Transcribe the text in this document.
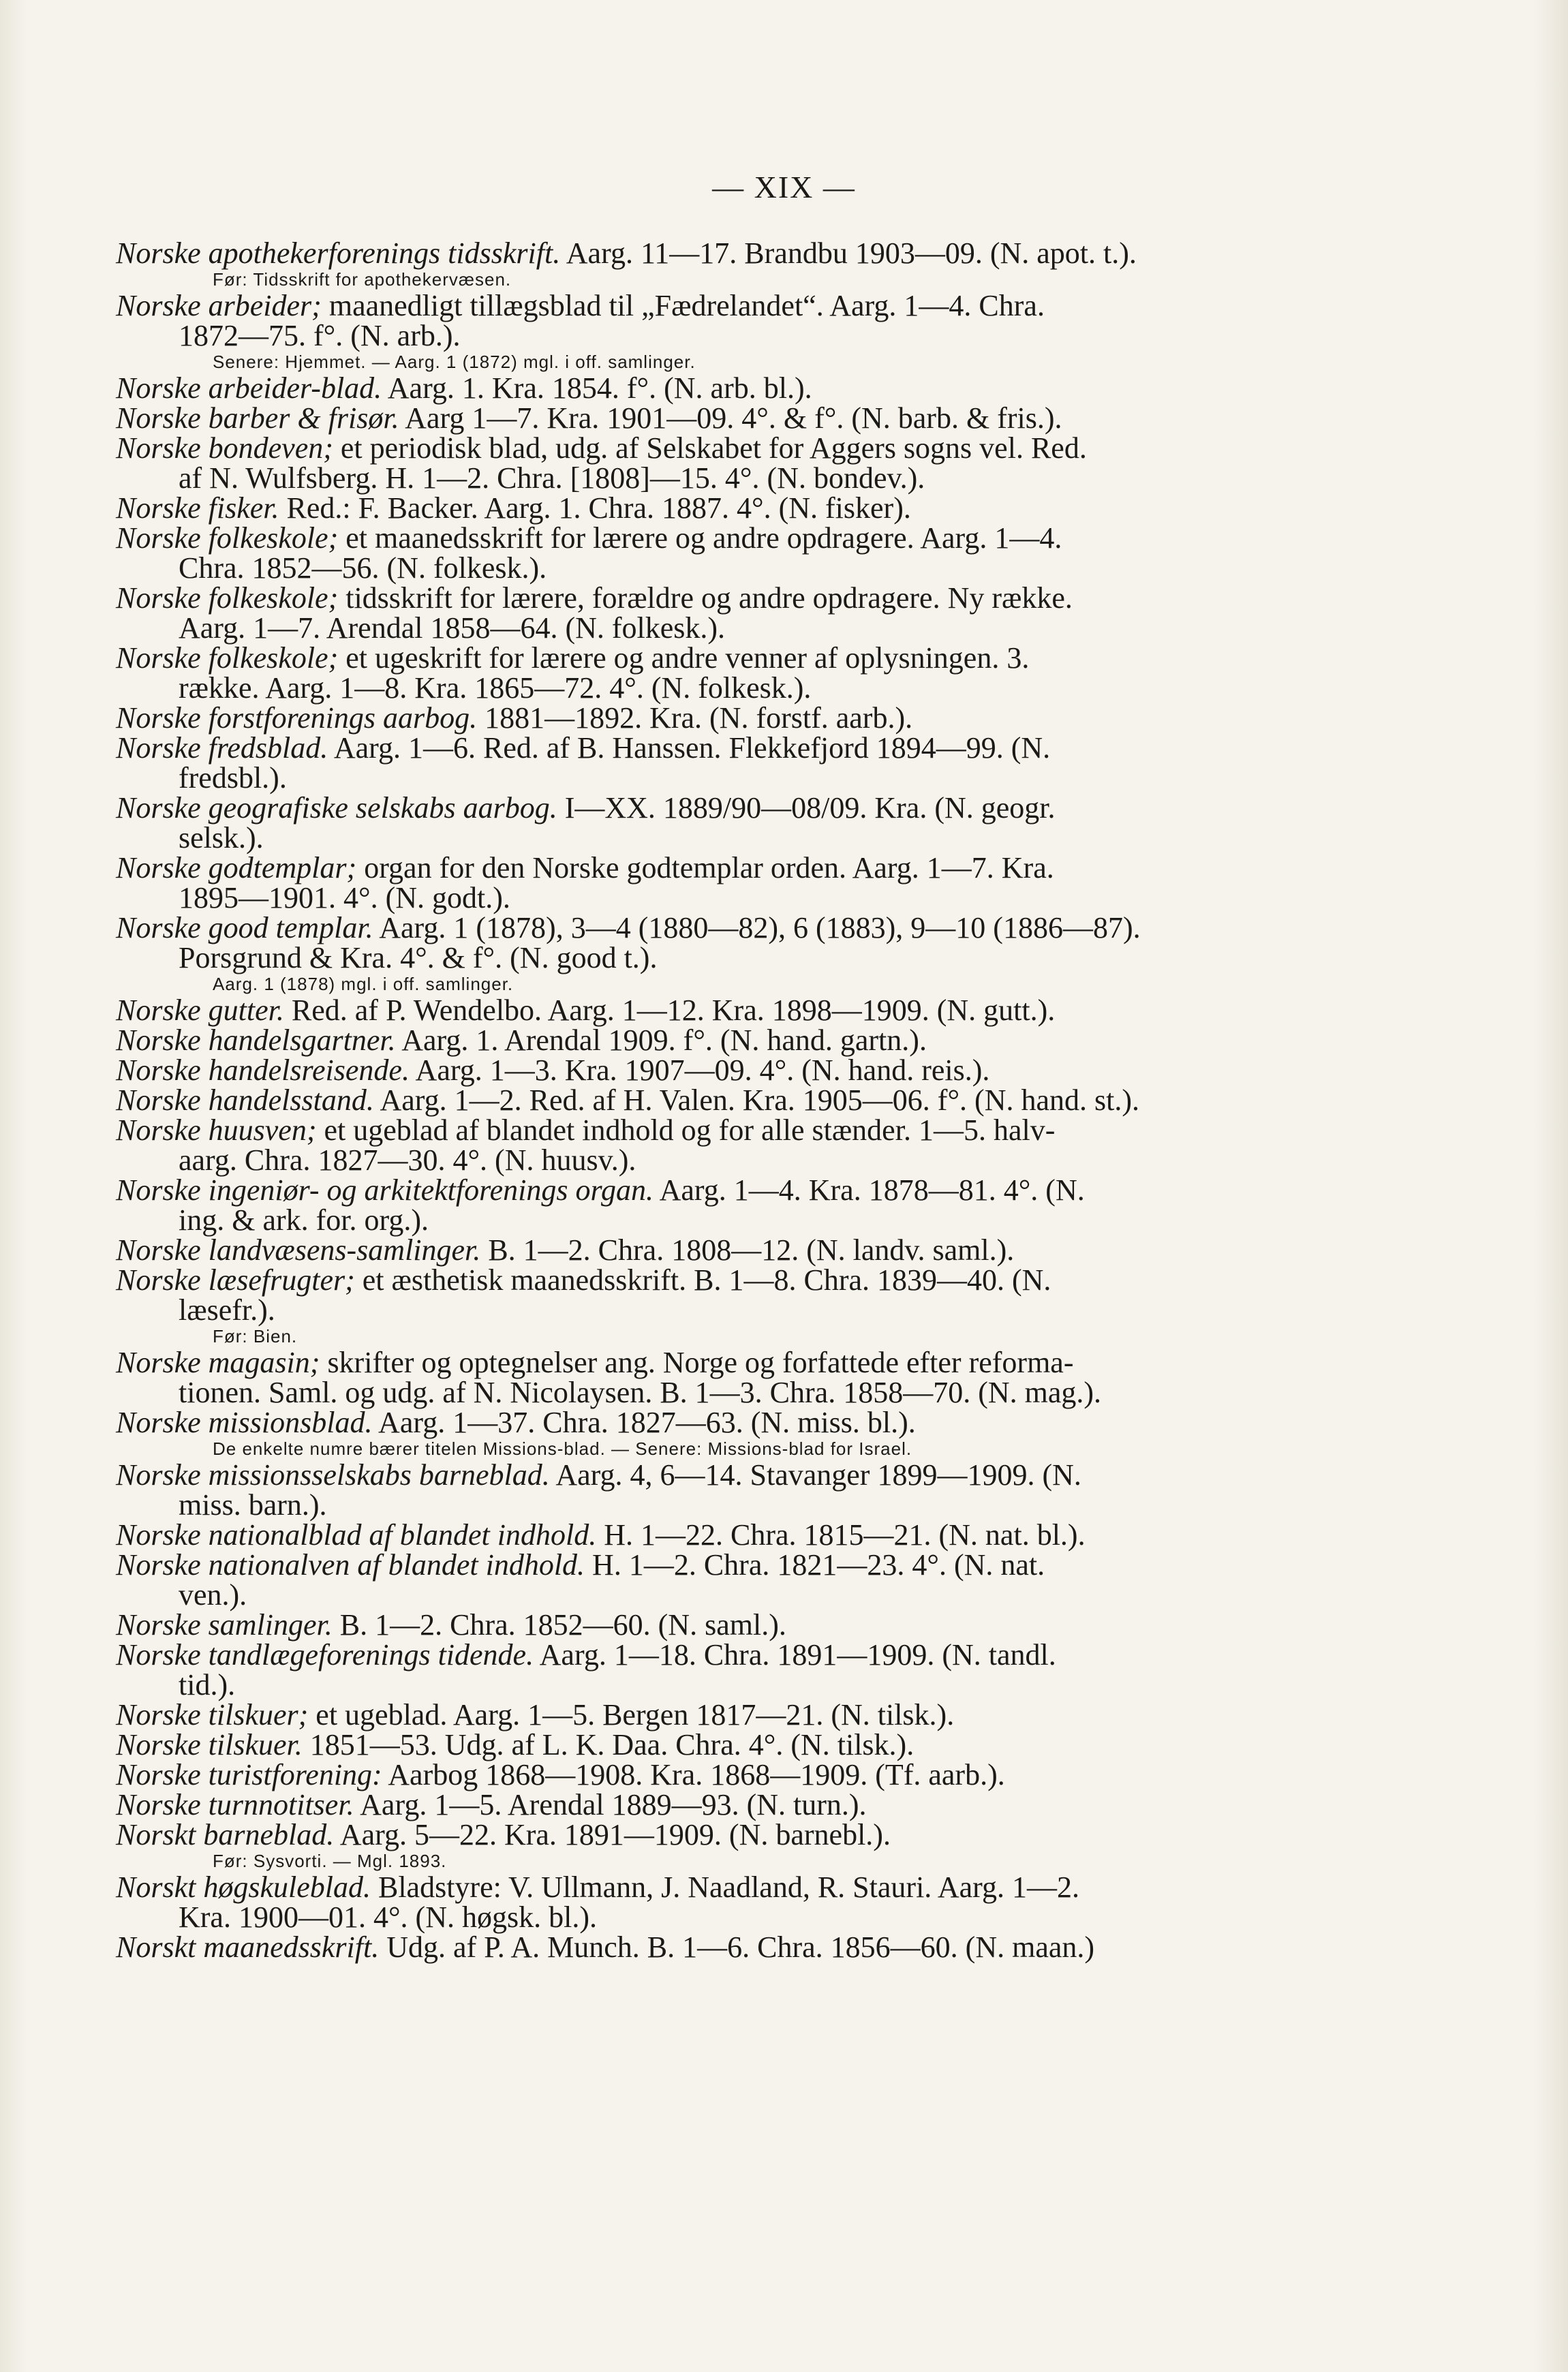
— XIX —
Norske apothekerforenings tidsskrift. Aarg. 11—17. Brandbu 1903—09. (N. apot. t.).
Før: Tidsskrift for apothekervæsen.
Norske arbeider; maanedligt tillægsblad til „Fædrelandet“. Aarg. 1—4. Chra.
1872—75. f°. (N. arb.).
Senere: Hjemmet. — Aarg. 1 (1872) mgl. i off. samlinger.
Norske arbeider-blad. Aarg. 1. Kra. 1854. f°. (N. arb. bl.).
Norske barber & frisør. Aarg 1—7. Kra. 1901—09. 4°. & f°. (N. barb. & fris.).
Norske bondeven; et periodisk blad, udg. af Selskabet for Aggers sogns vel. Red.
af N. Wulfsberg. H. 1—2. Chra. [1808]—15. 4°. (N. bondev.).
Norske fisker. Red.: F. Backer. Aarg. 1. Chra. 1887. 4°. (N. fisker).
Norske folkeskole; et maanedsskrift for lærere og andre opdragere. Aarg. 1—4.
Chra. 1852—56. (N. folkesk.).
Norske folkeskole; tidsskrift for lærere, forældre og andre opdragere. Ny række.
Aarg. 1—7. Arendal 1858—64. (N. folkesk.).
Norske folkeskole; et ugeskrift for lærere og andre venner af oplysningen. 3.
række. Aarg. 1—8. Kra. 1865—72. 4°. (N. folkesk.).
Norske forstforenings aarbog. 1881—1892. Kra. (N. forstf. aarb.).
Norske fredsblad. Aarg. 1—6. Red. af B. Hanssen. Flekkefjord 1894—99. (N.
fredsbl.).
Norske geografiske selskabs aarbog. I—XX. 1889/90—08/09. Kra. (N. geogr.
selsk.).
Norske godtemplar; organ for den Norske godtemplar orden. Aarg. 1—7. Kra.
1895—1901. 4°. (N. godt.).
Norske good templar. Aarg. 1 (1878), 3—4 (1880—82), 6 (1883), 9—10 (1886—87).
Porsgrund & Kra. 4°. & f°. (N. good t.).
Aarg. 1 (1878) mgl. i off. samlinger.
Norske gutter. Red. af P. Wendelbo. Aarg. 1—12. Kra. 1898—1909. (N. gutt.).
Norske handelsgartner. Aarg. 1. Arendal 1909. f°. (N. hand. gartn.).
Norske handelsreisende. Aarg. 1—3. Kra. 1907—09. 4°. (N. hand. reis.).
Norske handelsstand. Aarg. 1—2. Red. af H. Valen. Kra. 1905—06. f°. (N. hand. st.).
Norske huusven; et ugeblad af blandet indhold og for alle stænder. 1—5. halv-
aarg. Chra. 1827—30. 4°. (N. huusv.).
Norske ingeniør- og arkitektforenings organ. Aarg. 1—4. Kra. 1878—81. 4°. (N.
ing. & ark. for. org.).
Norske landvæsens-samlinger. B. 1—2. Chra. 1808—12. (N. landv. saml.).
Norske læsefrugter; et æsthetisk maanedsskrift. B. 1—8. Chra. 1839—40. (N.
læsefr.).
Før: Bien.
Norske magasin; skrifter og optegnelser ang. Norge og forfattede efter reforma-
tionen. Saml. og udg. af N. Nicolaysen. B. 1—3. Chra. 1858—70. (N. mag.).
Norske missionsblad. Aarg. 1—37. Chra. 1827—63. (N. miss. bl.).
De enkelte numre bærer titelen Missions-blad. — Senere: Missions-blad for Israel.
Norske missionsselskabs barneblad. Aarg. 4, 6—14. Stavanger 1899—1909. (N.
miss. barn.).
Norske nationalblad af blandet indhold. H. 1—22. Chra. 1815—21. (N. nat. bl.).
Norske nationalven af blandet indhold. H. 1—2. Chra. 1821—23. 4°. (N. nat.
ven.).
Norske samlinger. B. 1—2. Chra. 1852—60. (N. saml.).
Norske tandlægeforenings tidende. Aarg. 1—18. Chra. 1891—1909. (N. tandl.
tid.).
Norske tilskuer; et ugeblad. Aarg. 1—5. Bergen 1817—21. (N. tilsk.).
Norske tilskuer. 1851—53. Udg. af L. K. Daa. Chra. 4°. (N. tilsk.).
Norske turistforening: Aarbog 1868—1908. Kra. 1868—1909. (Tf. aarb.).
Norske turnnotitser. Aarg. 1—5. Arendal 1889—93. (N. turn.).
Norskt barneblad. Aarg. 5—22. Kra. 1891—1909. (N. barnebl.).
Før: Sysvorti. — Mgl. 1893.
Norskt høgskuleblad. Bladstyre: V. Ullmann, J. Naadland, R. Stauri. Aarg. 1—2.
Kra. 1900—01. 4°. (N. høgsk. bl.).
Norskt maanedsskrift. Udg. af P. A. Munch. B. 1—6. Chra. 1856—60. (N. maan.)
